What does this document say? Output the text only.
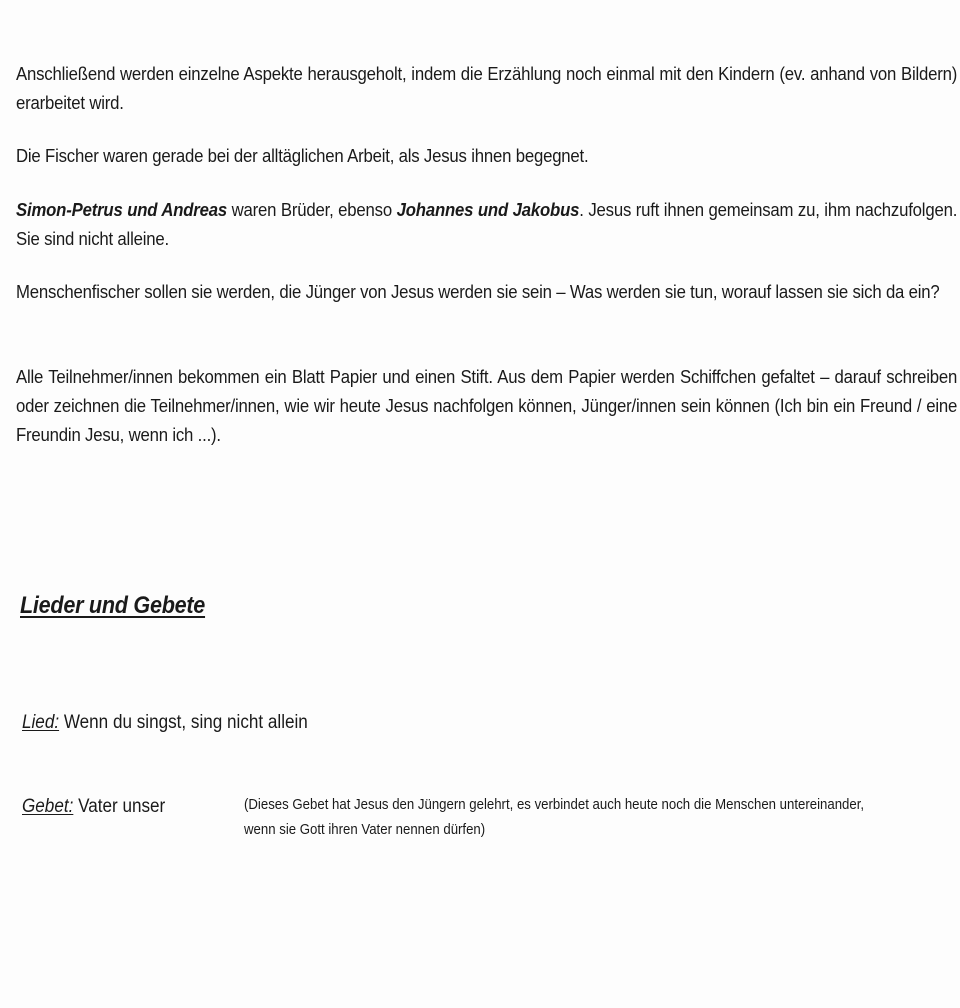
Anschließend werden einzelne Aspekte herausgeholt, indem die Erzählung noch einmal mit den Kindern (ev. anhand von Bildern) erarbeitet wird.
Die Fischer waren gerade bei der alltäglichen Arbeit, als Jesus ihnen begegnet.
Simon-Petrus und Andreas waren Brüder, ebenso Johannes und Jakobus. Jesus ruft ihnen gemeinsam zu, ihm nachzufolgen. Sie sind nicht alleine.
Menschenfischer sollen sie werden, die Jünger von Jesus werden sie sein – Was werden sie tun, worauf lassen sie sich da ein?
Alle Teilnehmer/innen bekommen ein Blatt Papier und einen Stift. Aus dem Papier werden Schiffchen gefaltet – darauf schreiben oder zeichnen die Teilnehmer/innen, wie wir heute Jesus nachfolgen können, Jünger/innen sein können (Ich bin ein Freund / eine Freundin Jesu, wenn ich ...).
Lieder und Gebete
Lied: Wenn du singst, sing nicht allein
Gebet: Vater unser	(Dieses Gebet hat Jesus den Jüngern gelehrt, es verbindet auch heute noch die Menschen untereinander, wenn sie Gott ihren Vater nennen dürfen)
